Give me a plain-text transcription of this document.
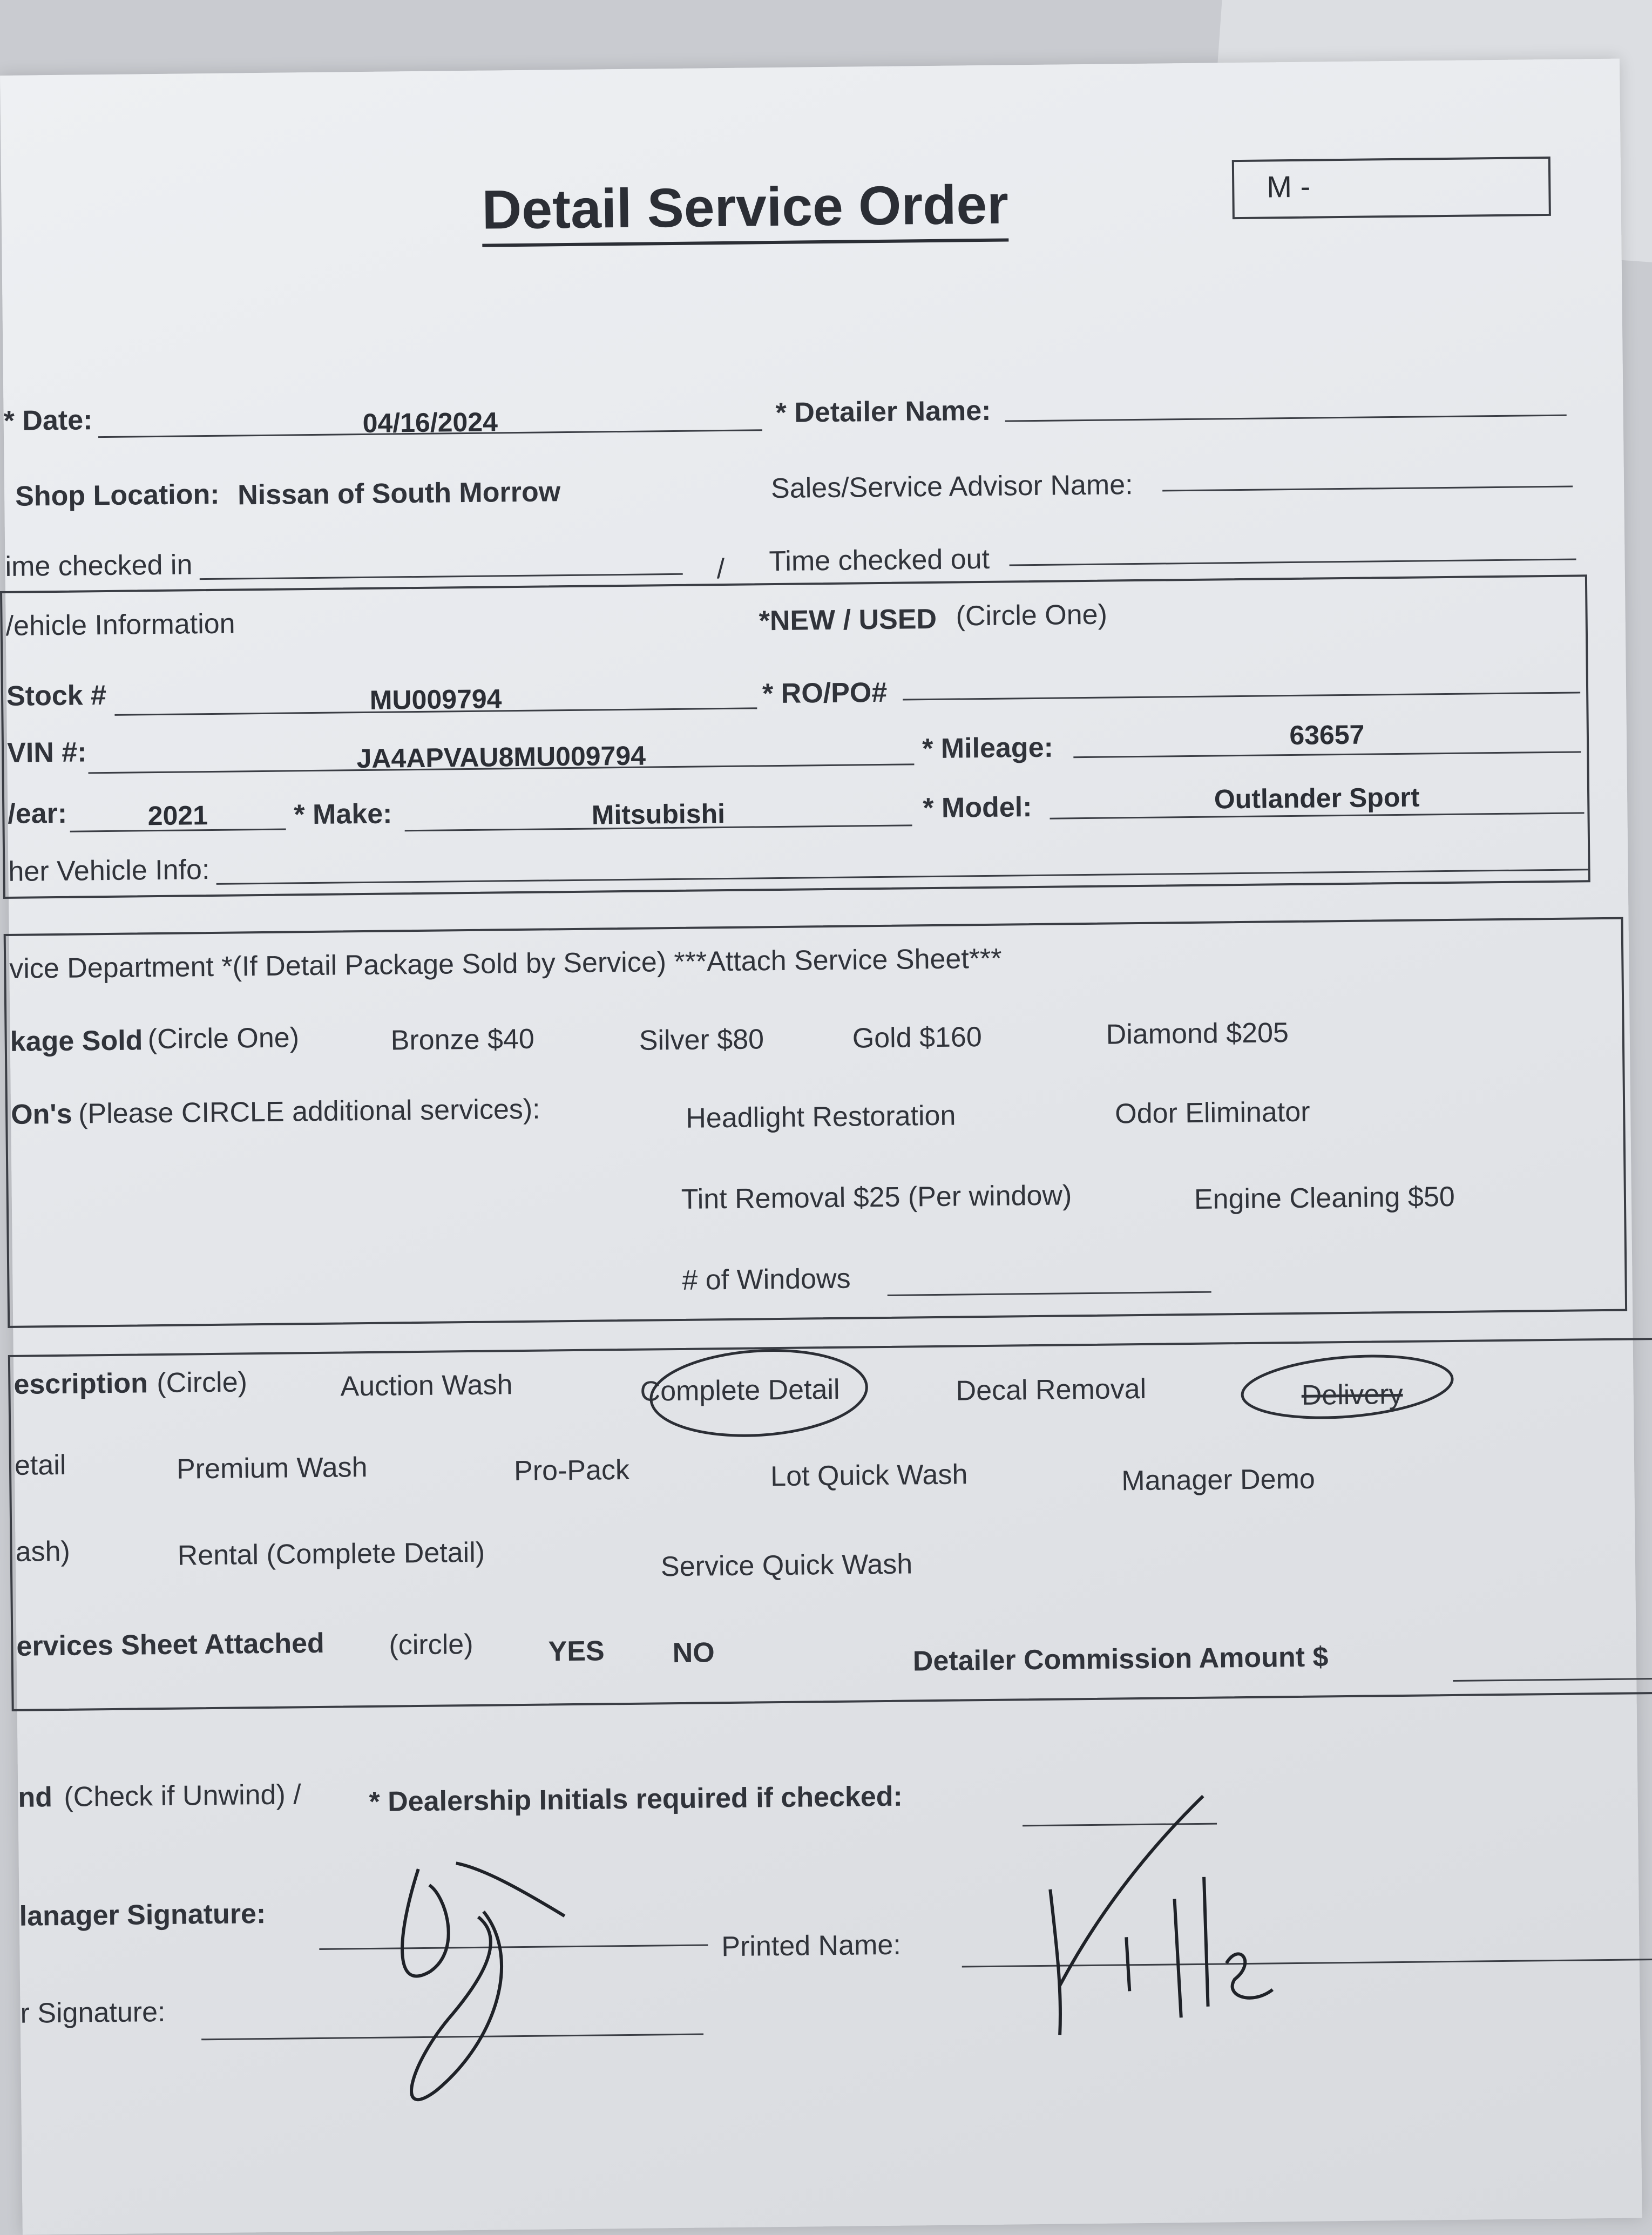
Detail Service Order	M -
* Date:	04/16/2024	* Detailer Name:
Shop Location: Nissan of South Morrow	Sales/Service Advisor Name:
ime checked in	/ Time checked out
/ehicle Information	*NEW / USED (Circle One)
Stock #	MU009794	* RO/PO#
VIN #:	JA4APVAU8MU009794	* Mileage:	63657
/ear:	2021	* Make:	Mitsubishi	* Model:	Outlander Sport
her Vehicle Info:
vice Department *(If Detail Package Sold by Service) ***Attach Service Sheet***
kage Sold (Circle One)	Bronze $40	Silver $80	Gold $160	Diamond $205
On's (Please CIRCLE additional services):	Headlight Restoration	Odor Eliminator
Tint Removal $25 (Per window)	Engine Cleaning $50
# of Windows
escription (Circle)	Auction Wash	Complete Detail	Decal Removal	Delivery
etail	Premium Wash	Pro-Pack	Lot Quick Wash	Manager Demo
ash)	Rental (Complete Detail)	Service Quick Wash
ervices Sheet Attached (circle)	YES NO	Detailer Commission Amount $
nd (Check if Unwind) / * Dealership Initials required if checked:
lanager Signature:
Printed Name:
r Signature:
